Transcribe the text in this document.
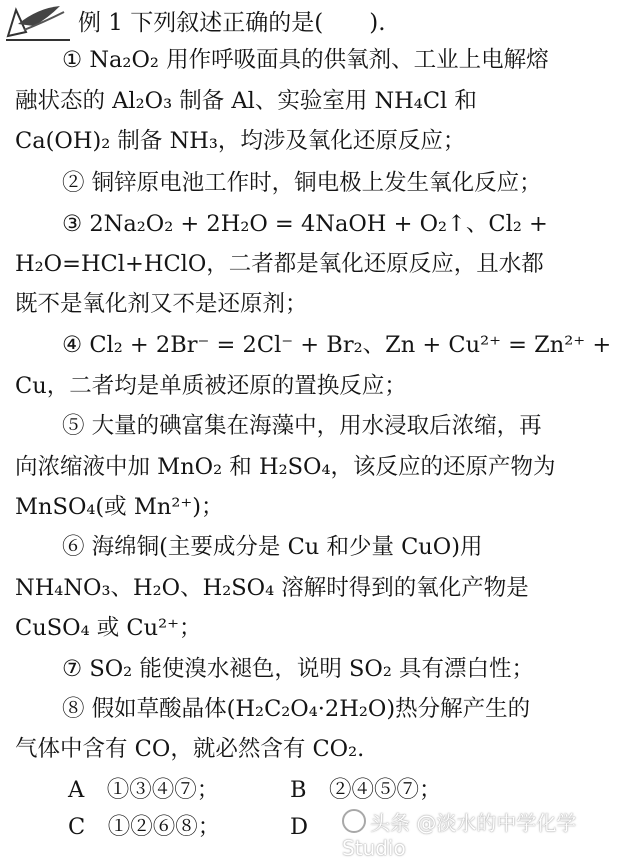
例 1 下列叙述正确的是(　　).
① Na₂O₂ 用作呼吸面具的供氧剂、工业上电解熔
融状态的 Al₂O₃ 制备 Al、实验室用 NH₄Cl 和
Ca(OH)₂ 制备 NH₃，均涉及氧化还原反应；
② 铜锌原电池工作时，铜电极上发生氧化反应；
③ 2Na₂O₂ + 2H₂O = 4NaOH + O₂↑、Cl₂ +
H₂O=HCl+HClO，二者都是氧化还原反应，且水都
既不是氧化剂又不是还原剂；
④ Cl₂ + 2Br⁻ = 2Cl⁻ + Br₂、Zn + Cu²⁺ = Zn²⁺ +
Cu，二者均是单质被还原的置换反应；
⑤ 大量的碘富集在海藻中，用水浸取后浓缩，再
向浓缩液中加 MnO₂ 和 H₂SO₄，该反应的还原产物为
MnSO₄(或 Mn²⁺)；
⑥ 海绵铜(主要成分是 Cu 和少量 CuO)用
NH₄NO₃、H₂O、H₂SO₄ 溶解时得到的氧化产物是
CuSO₄ 或 Cu²⁺；
⑦ SO₂ 能使溴水褪色，说明 SO₂ 具有漂白性；
⑧ 假如草酸晶体(H₂C₂O₄·2H₂O)热分解产生的
气体中含有 CO，就必然含有 CO₂.
A　①③④⑦；	B　②④⑤⑦；
C　①②⑥⑧；	D	头条 @淡水的中学化学Studio
